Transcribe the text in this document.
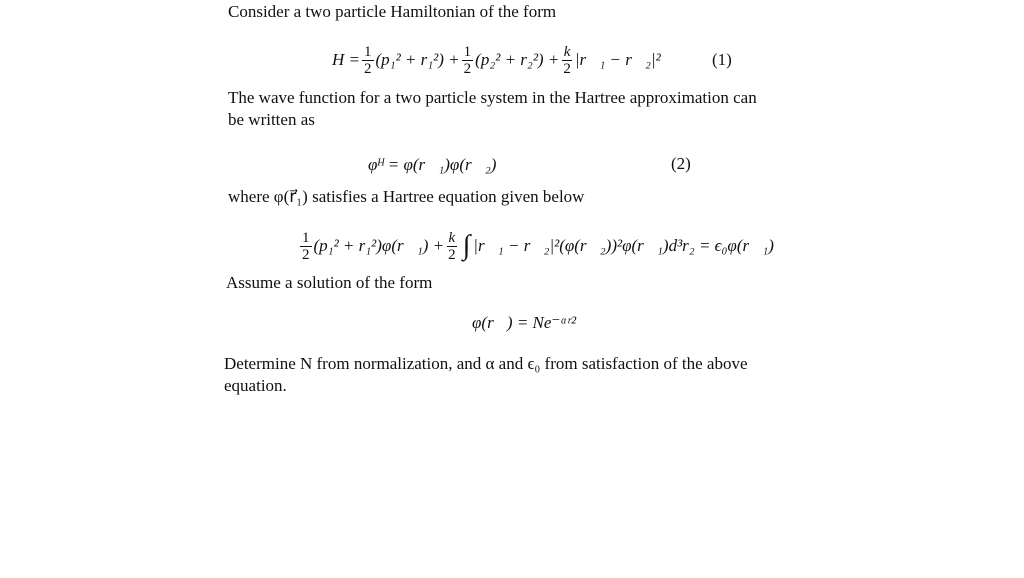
Consider a two particle Hamiltonian of the form
$H = \frac{1}{2} (p_1^2 + r_1^2) + \frac{1}{2} (p_2^2 + r_2^2) + \frac{k}{2}$ |r⃗₁ − r⃗₂|²	(1)
The wave function for a two particle system in the Hartree approximation can
be written as
φᴴ = φ(r⃗₁)φ(r⃗₂)	(2)
where φ(r⃗₁) satisfies a Hartree equation given below
$\frac{1}{2} (p_1^2$ + r₁²)φ(r⃗₁) + $\frac{k}{2}$ ∫ |r⃗₁ − r⃗₂|²(φ(r⃗₂))²φ(r⃗₁)d³r₂ = ϵ₀φ(r⃗₁)
Assume a solution of the form
φ(r⃗) = Ne⁻ᵅʳ²
Determine N from normalization, and α and ϵ₀ from satisfaction of the above
equation.
